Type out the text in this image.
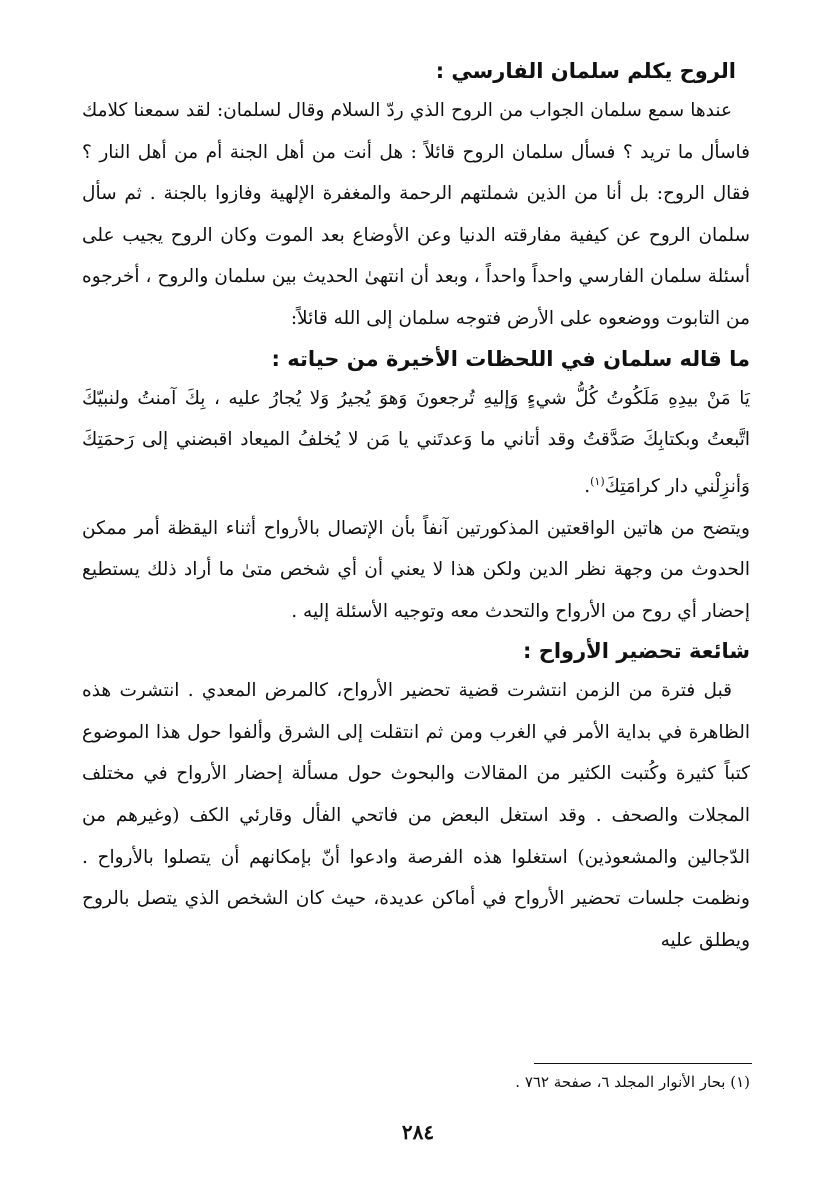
الروح يكلم سلمان الفارسي :

عندها سمع سلمان الجواب من الروح الذي ردّ السلام وقال لسلمان: لقد سمعنا كلامك فاسأل ما تريد ؟ فسأل سلمان الروح قائلاً : هل أنت من أهل الجنة أم من أهل النار ؟ فقال الروح: بل أنا من الذين شملتهم الرحمة والمغفرة الإلهية وفازوا بالجنة . ثم سأل سلمان الروح عن كيفية مفارقته الدنيا وعن الأوضاع بعد الموت وكان الروح يجيب على أسئلة سلمان الفارسي واحداً واحداً ، وبعد أن انتهىٰ الحديث بين سلمان والروح ، أخرجوه من التابوت ووضعوه على الأرض فتوجه سلمان إلى الله قائلاً:

ما قاله سلمان في اللحظات الأخيرة من حياته :

يَا مَنْ بيدِهِ مَلَكُوتُ كُلُّ شيءٍ وَإليهِ تُرجعونَ وَهوَ يُجيرُ وَلا يُجارُ عليه ، بِكَ آمنتُ ولنبيّكَ اتَّبعتُ وبكتابِكَ صَدَّقتُ وقد أتاني ما وَعدتَني يا مَن لا يُخلفُ الميعاد اقبضني إلى رَحمَتِكَ وَأنزِلْني دار كرامَتِكَ$^{(١)}$.

ويتضح من هاتين الواقعتين المذكورتين آنفاً بأن الإتصال بالأرواح أثناء اليقظة أمر ممكن الحدوث من وجهة نظر الدين ولكن هذا لا يعني أن أي شخص متىٰ ما أراد ذلك يستطيع إحضار أي روح من الأرواح والتحدث معه وتوجيه الأسئلة إليه .

شائعة تحضير الأرواح :

قبل فترة من الزمن انتشرت قضية تحضير الأرواح، كالمرض المعدي . انتشرت هذه الظاهرة في بداية الأمر في الغرب ومن ثم انتقلت إلى الشرق وألفوا حول هذا الموضوع كتباً كثيرة وكُتبت الكثير من المقالات والبحوث حول مسألة إحضار الأرواح في مختلف المجلات والصحف . وقد استغل البعض من فاتحي الفأل وقارئي الكف (وغيرهم من الدّجالين والمشعوذين) استغلوا هذه الفرصة وادعوا أنّ بإمكانهم أن يتصلوا بالأرواح . ونظمت جلسات تحضير الأرواح في أماكن عديدة، حيث كان الشخص الذي يتصل بالروح ويطلق عليه

(١) بحار الأنوار المجلد ٦، صفحة ٧٦٢ .
٢٨٤
